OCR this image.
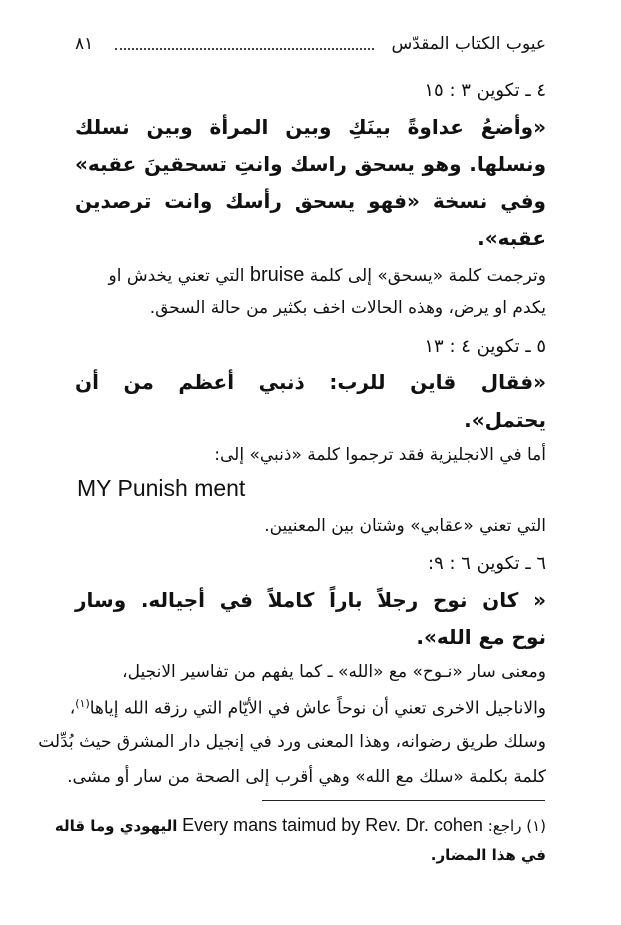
عيوب الكتاب المقدّس
٨١
٤ ـ تكوين ٣ : ١٥
«وأضعُ عداوةً بينَكِ وبين المرأة وبين نسلك
ونسلها. وهو يسحق راسك وانتِ تسحقينَ عقبه»
وفي نسخة «فهو يسحق رأسك وانت ترصدين
عقبه».
وترجمت كلمة «يسحق» إلى كلمة bruise التي تعني يخدش او
يكدم او يرض، وهذه الحالات اخف بكثير من حالة السحق.
٥ ـ تكوين ٤ : ١٣
«فقال قاين للرب: ذنبي أعظم من أن
يحتمل».
أما في الانجليزية فقد ترجموا كلمة «ذنبي» إلى:
MY Punish ment
التي تعني «عقابي» وشتان بين المعنيين.
٦ ـ تكوين ٦ : ٩:
« كان نوح رجلاً باراً كاملاً في أجياله. وسار
نوح مع الله».
ومعنى سار «نـوح» مع «الله» ـ كما يفهم من تفاسير الانجيل،
والاناجيل الاخرى تعني أن نوحاً عاش في الأيّام التي رزقه الله إياها$^{(١)}$،
وسلك طريق رضوانه، وهذا المعنى ورد في إنجيل دار المشرق حيث بُدِّلت
كلمة بكلمة «سلك مع الله» وهي أقرب إلى الصحة من سار أو مشى.
(١) راجع: Every mans taimud by Rev. Dr. cohen اليهودي وما قاله
في هذا المضار.
